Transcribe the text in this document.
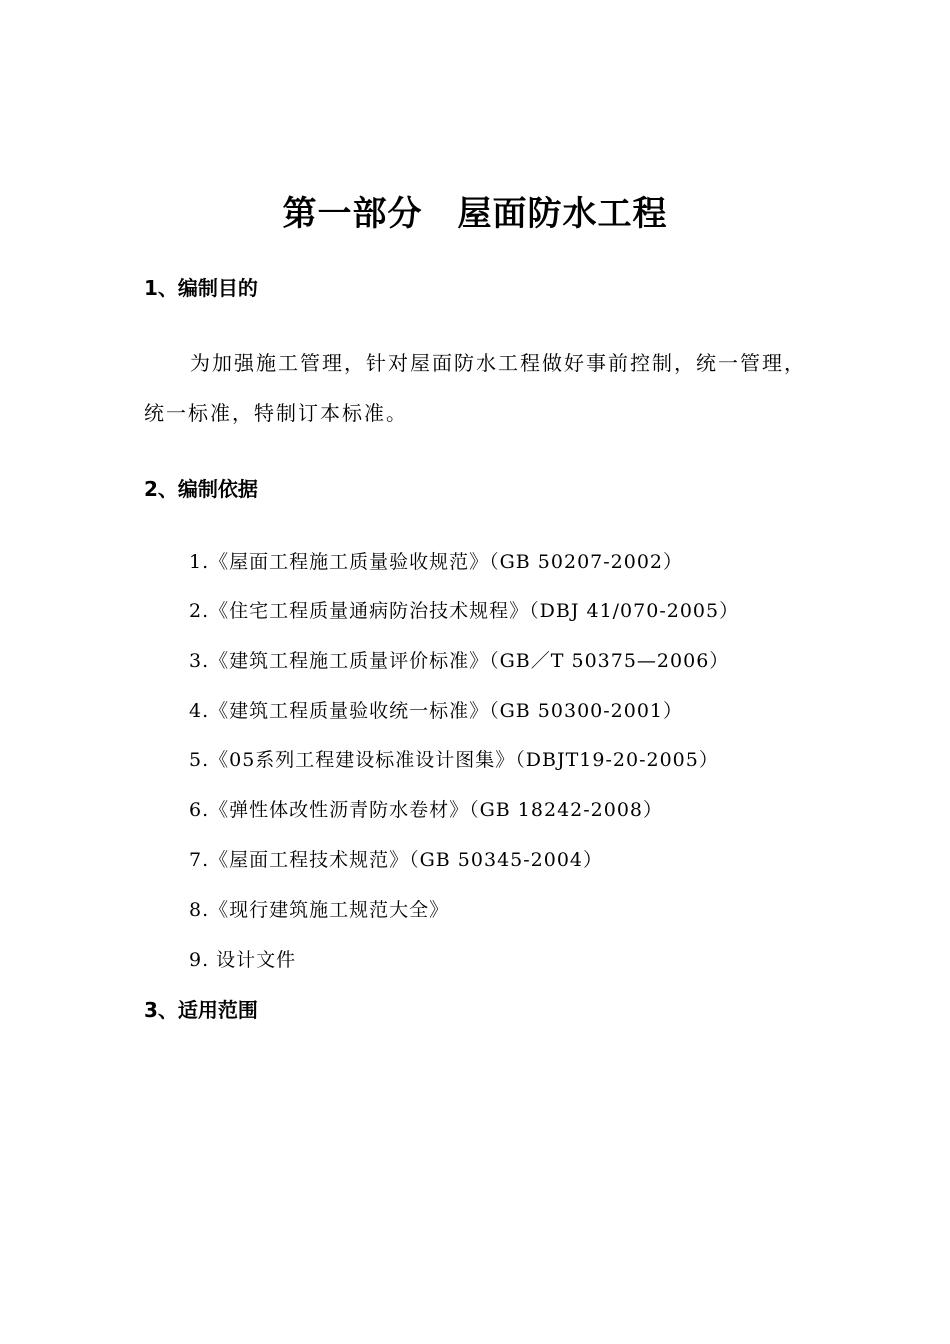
第一部分　屋面防水工程
1、编制目的
为加强施工管理，针对屋面防水工程做好事前控制，统一管理，
统一标准，特制订本标准。
2、编制依据
1.《屋面工程施工质量验收规范》（GB 50207-2002）
2.《住宅工程质量通病防治技术规程》（DBJ 41/070-2005）
3.《建筑工程施工质量评价标准》（GB／T 50375—2006）
4.《建筑工程质量验收统一标准》（GB 50300-2001）
5.《05系列工程建设标准设计图集》（DBJT19-20-2005）
6.《弹性体改性沥青防水卷材》（GB 18242-2008）
7.《屋面工程技术规范》（GB 50345-2004）
8.《现行建筑施工规范大全》
9. 设计文件
3、适用范围
